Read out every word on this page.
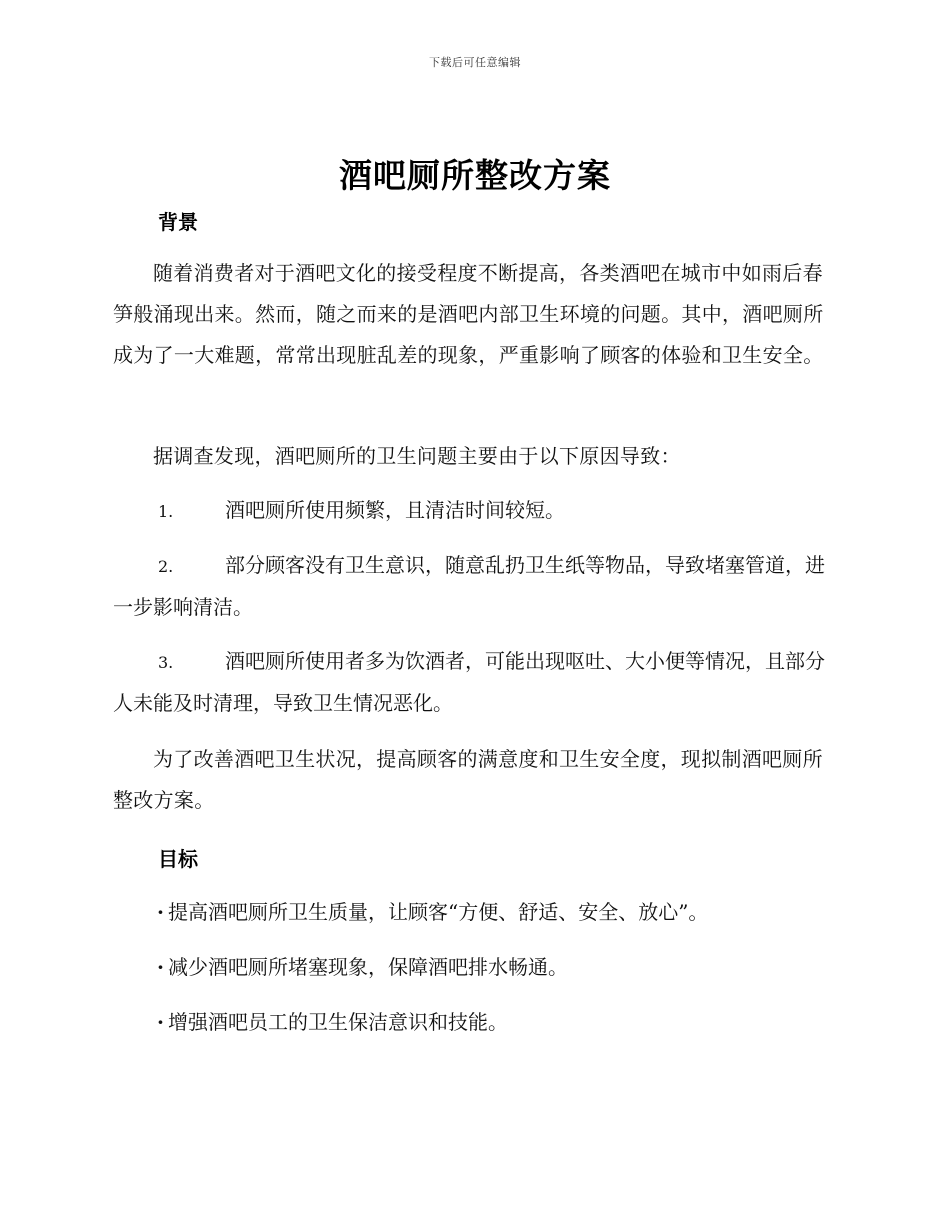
下载后可任意编辑
酒吧厕所整改方案
背景

随着消费者对于酒吧文化的接受程度不断提高，各类酒吧在城市中如雨后春笋般涌现出来。然而，随之而来的是酒吧内部卫生环境的问题。其中，酒吧厕所成为了一大难题，常常出现脏乱差的现象，严重影响了顾客的体验和卫生安全。

据调查发现，酒吧厕所的卫生问题主要由于以下原因导致：

1.	酒吧厕所使用频繁，且清洁时间较短。

2.	部分顾客没有卫生意识，随意乱扔卫生纸等物品，导致堵塞管道，进一步影响清洁。

3.	酒吧厕所使用者多为饮酒者，可能出现呕吐、大小便等情况，且部分人未能及时清理，导致卫生情况恶化。

为了改善酒吧卫生状况，提高顾客的满意度和卫生安全度，现拟制酒吧厕所整改方案。

目标

· 提高酒吧厕所卫生质量，让顾客“方便、舒适、安全、放心”。

· 减少酒吧厕所堵塞现象，保障酒吧排水畅通。

· 增强酒吧员工的卫生保洁意识和技能。
